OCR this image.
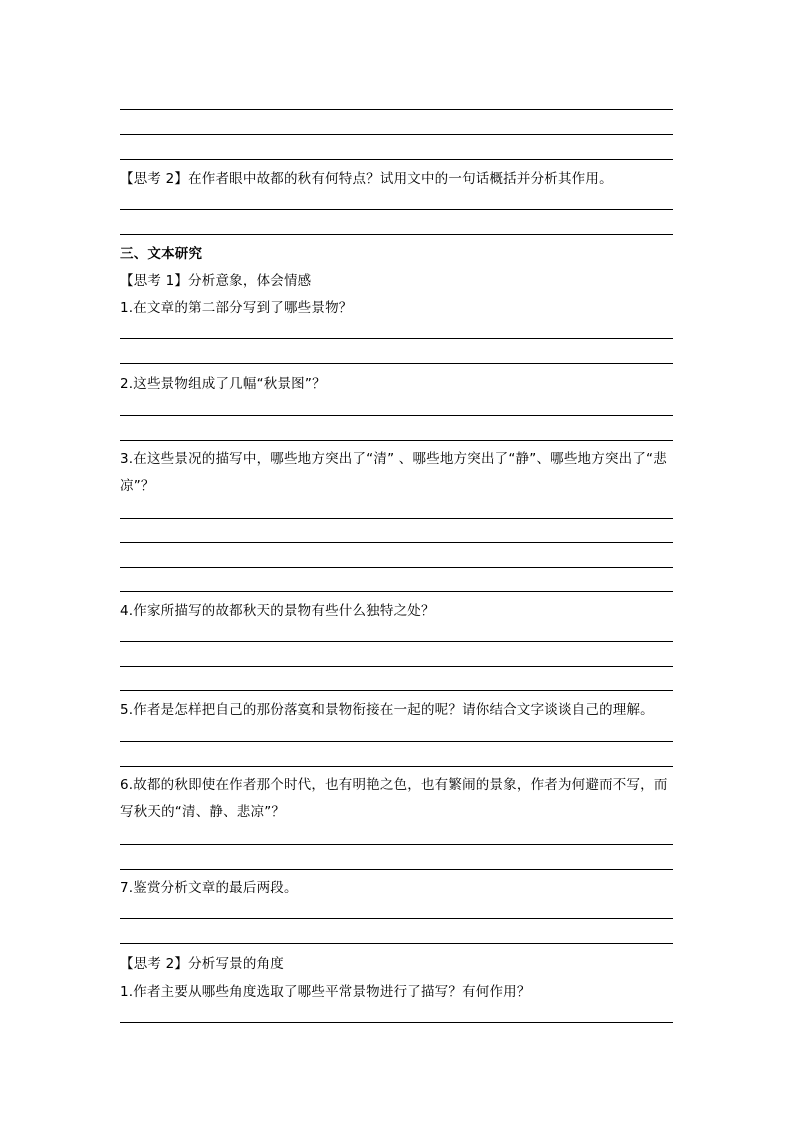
【思考 2】在作者眼中故都的秋有何特点？试用文中的一句话概括并分析其作用。
三、文本研究
【思考 1】分析意象，体会情感
1.在文章的第二部分写到了哪些景物？
2.这些景物组成了几幅“秋景图”？
3.在这些景况的描写中，哪些地方突出了“清” 、哪些地方突出了“静”、哪些地方突出了“悲凉”？
4.作家所描写的故都秋天的景物有些什么独特之处？
5.作者是怎样把自己的那份落寞和景物衔接在一起的呢？请你结合文字谈谈自己的理解。
6.故都的秋即使在作者那个时代，也有明艳之色，也有繁闹的景象，作者为何避而不写，而写秋天的“清、静、悲凉”？
7.鉴赏分析文章的最后两段。
【思考 2】分析写景的角度
1.作者主要从哪些角度选取了哪些平常景物进行了描写？有何作用？
